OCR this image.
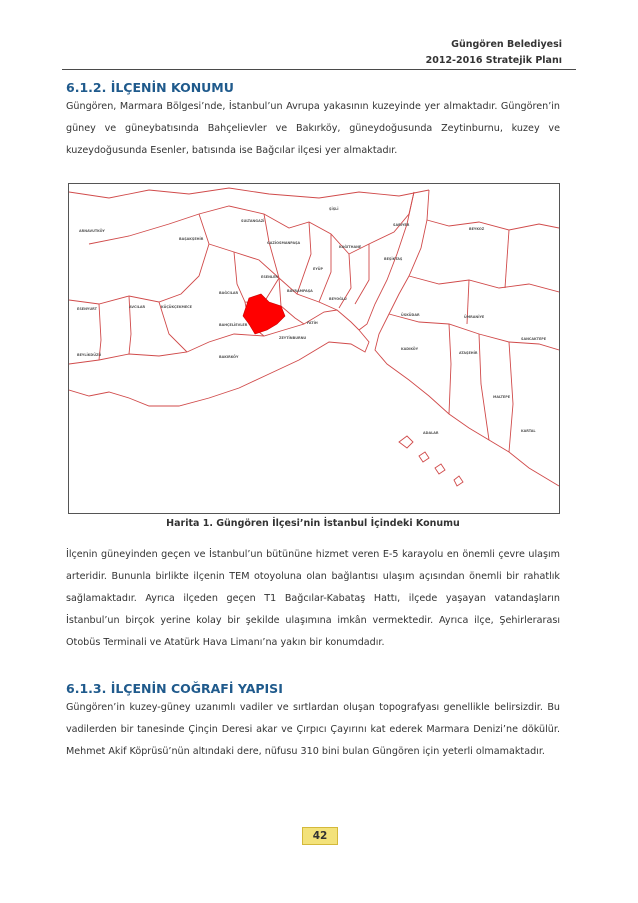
Güngören Belediyesi
2012-2016 Stratejik Planı
6.1.2. İLÇENİN KONUMU

Güngören, Marmara Bölgesi’nde, İstanbul’un Avrupa yakasının kuzeyinde yer almaktadır. Güngören’in güney ve güneybatısında Bahçelievler ve Bakırköy, güneydoğusunda Zeytinburnu, kuzey ve kuzeydoğusunda Esenler, batısında ise Bağcılar ilçesi yer almaktadır.

ARNAVUTKÖY
SULTANGAZİ
BAŞAKŞEHİR
GAZİOSMANPAŞA
ŞİŞLİ
SARIYER
BEYKOZ
KAĞITHANE
BEŞİKTAŞ
EYÜP
ESENLER
BAYRAMPAŞA
BEYOĞLU
BAĞCILAR
ESENYURT	AVCILAR	KÜÇÜKÇEKMECE
BAHÇELİEVLER	FATİH
ZEYTİNBURNU
BAKIRKÖY
ÜSKÜDAR	ÜMRANİYE
BEYLİKDÜZÜ
KADIKÖY
ATAŞEHİR
SANCAKTEPE
MALTEPE
ADALAR	KARTAL
Harita 1. Güngören İlçesi’nin İstanbul İçindeki Konumu

İlçenin güneyinden geçen ve İstanbul’un bütününe hizmet veren E-5 karayolu en önemli çevre ulaşım arteridir. Bununla birlikte ilçenin TEM otoyoluna olan bağlantısı ulaşım açısından önemli bir rahatlık sağlamaktadır. Ayrıca ilçeden geçen T1 Bağcılar-Kabataş Hattı, ilçede yaşayan vatandaşların İstanbul’un birçok yerine kolay bir şekilde ulaşımına imkân vermektedir. Ayrıca ilçe, Şehirlerarası Otobüs Terminali ve Atatürk Hava Limanı’na yakın bir konumdadır.

6.1.3. İLÇENİN COĞRAFİ YAPISI

Güngören’in kuzey-güney uzanımlı vadiler ve sırtlardan oluşan topografyası genellikle belirsizdir. Bu vadilerden bir tanesinde Çinçin Deresi akar ve Çırpıcı Çayırını kat ederek Marmara Denizi’ne dökülür. Mehmet Akif Köprüsü’nün altındaki dere, nüfusu 310 bini bulan Güngören için yeterli olmamaktadır.

42
